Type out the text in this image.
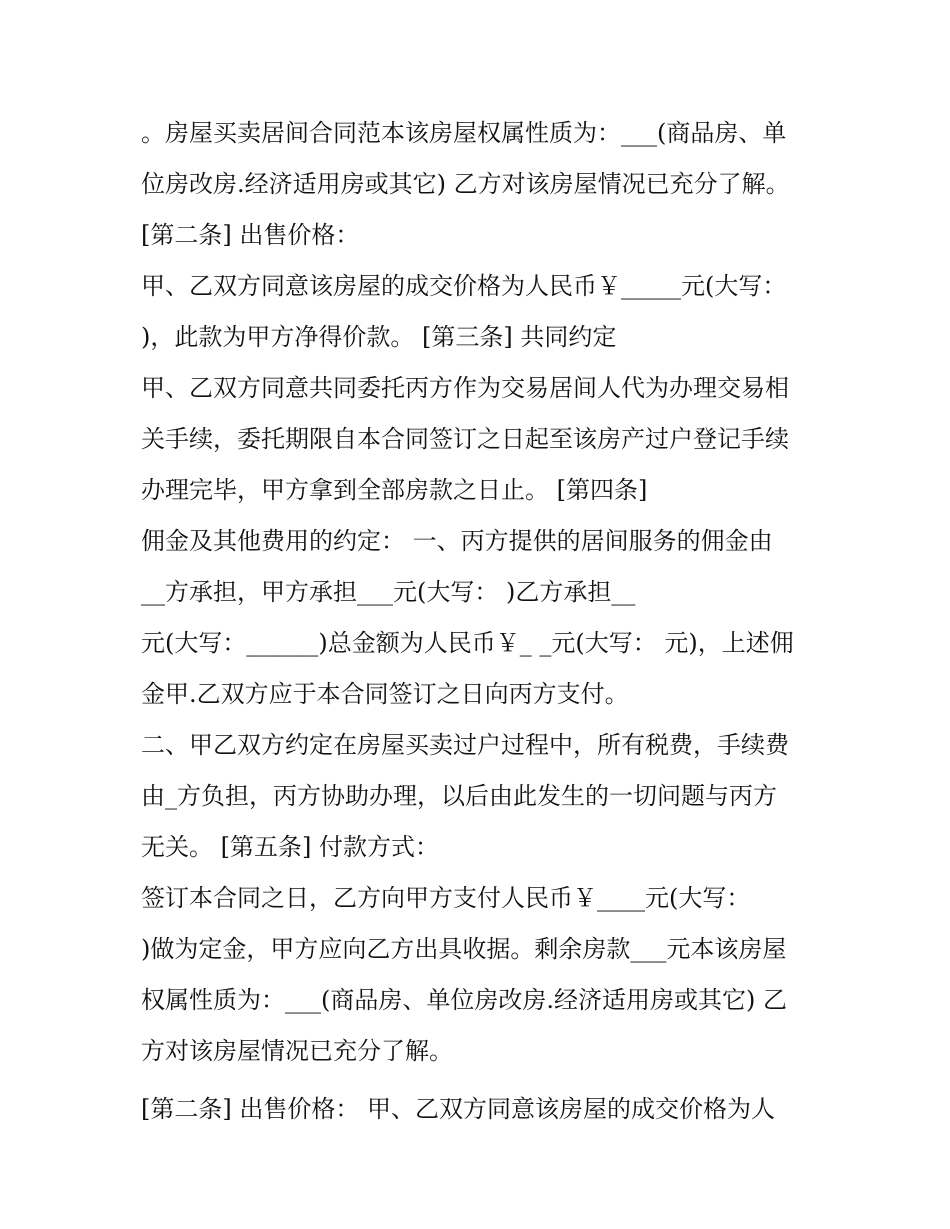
。房屋买卖居间合同范本该房屋权属性质为：___(商品房、单
位房改房.经济适用房或其它) 乙方对该房屋情况已充分了解。
[第二条] 出售价格：
甲、乙双方同意该房屋的成交价格为人民币￥_____元(大写：
)，此款为甲方净得价款。 [第三条] 共同约定
甲、乙双方同意共同委托丙方作为交易居间人代为办理交易相
关手续，委托期限自本合同签订之日起至该房产过户登记手续
办理完毕，甲方拿到全部房款之日止。 [第四条]
佣金及其他费用的约定： 一、丙方提供的居间服务的佣金由
__方承担，甲方承担___元(大写： )乙方承担__
元(大写：______)总金额为人民币￥_ _元(大写： 元)，上述佣
金甲.乙双方应于本合同签订之日向丙方支付。
二、甲乙双方约定在房屋买卖过户过程中，所有税费，手续费
由_方负担，丙方协助办理，以后由此发生的一切问题与丙方
无关。 [第五条] 付款方式：
签订本合同之日，乙方向甲方支付人民币￥____元(大写：
)做为定金，甲方应向乙方出具收据。剩余房款___元本该房屋
权属性质为：___(商品房、单位房改房.经济适用房或其它) 乙
方对该房屋情况已充分了解。
[第二条] 出售价格： 甲、乙双方同意该房屋的成交价格为人
